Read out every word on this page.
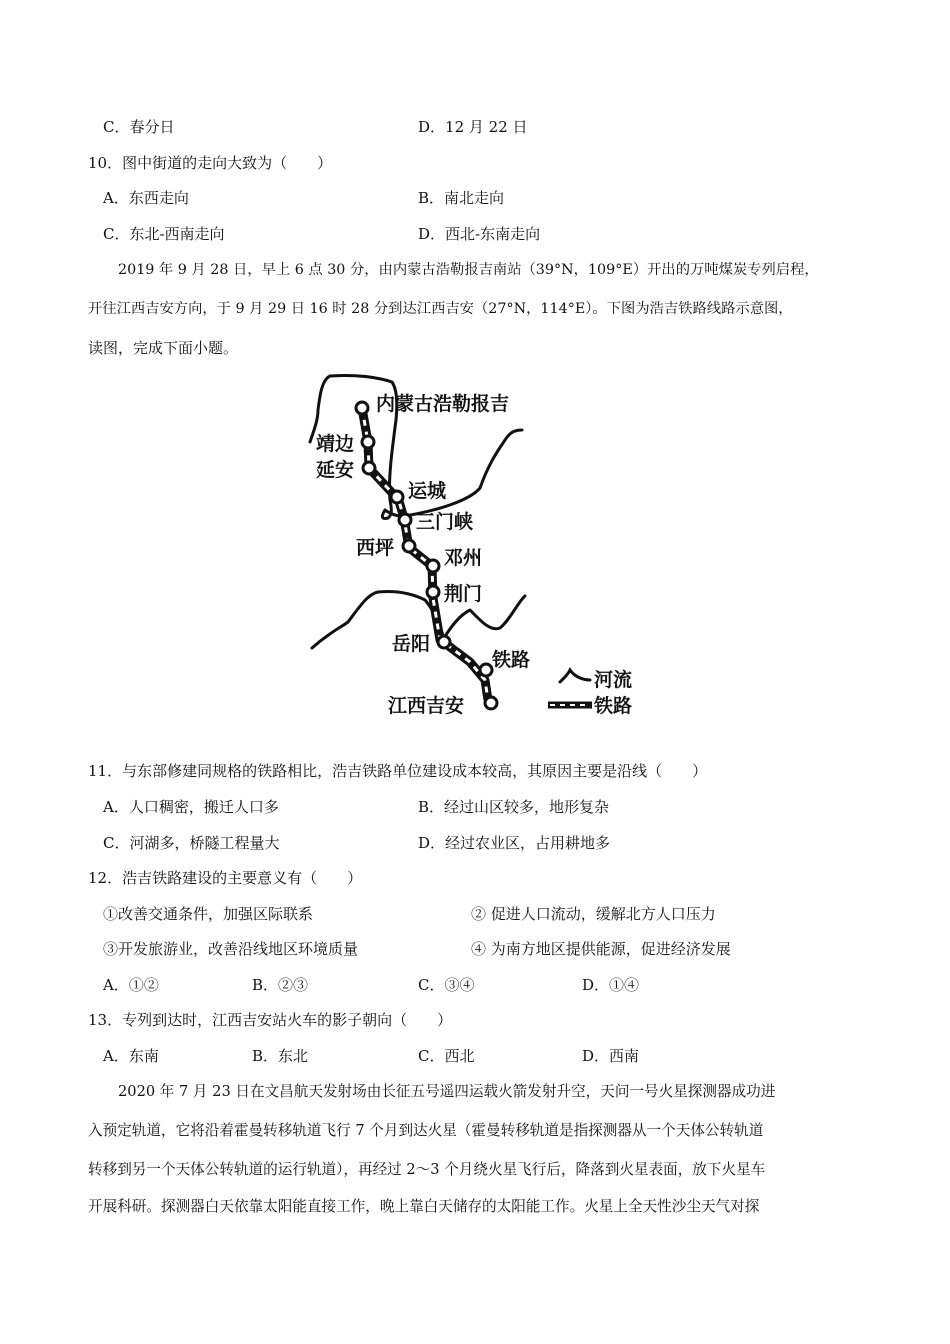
C．春分日	D．12 月 22 日
10．图中街道的走向大致为（　　）
A．东西走向	B．南北走向
C．东北-西南走向	D．西北-东南走向
2019 年 9 月 28 日，早上 6 点 30 分，由内蒙古浩勒报吉南站（39°N，109°E）开出的万吨煤炭专列启程，
开往江西吉安方向，于 9 月 29 日 16 时 28 分到达江西吉安（27°N，114°E）。下图为浩吉铁路线路示意图，
读图，完成下面小题。
内蒙古浩勒报吉
靖边
延安
运城
三门峡
西坪	邓州
荆门
岳阳
铁路
江西吉安
河流
铁路
11．与东部修建同规格的铁路相比，浩吉铁路单位建设成本较高，其原因主要是沿线（　　）
A．人口稠密，搬迁人口多	B．经过山区较多，地形复杂
C．河湖多，桥隧工程量大	D．经过农业区，占用耕地多
12．浩吉铁路建设的主要意义有（　　）
①改善交通条件，加强区际联系	② 促进人口流动，缓解北方人口压力
③开发旅游业，改善沿线地区环境质量	④ 为南方地区提供能源，促进经济发展
A．①②	B．②③	C．③④	D．①④
13．专列到达时，江西吉安站火车的影子朝向（　　）
A．东南	B．东北	C．西北	D．西南
2020 年 7 月 23 日在文昌航天发射场由长征五号遥四运载火箭发射升空，天问一号火星探测器成功进
入预定轨道，它将沿着霍曼转移轨道飞行 7 个月到达火星（霍曼转移轨道是指探测器从一个天体公转轨道
转移到另一个天体公转轨道的运行轨道），再经过 2～3 个月绕火星飞行后，降落到火星表面，放下火星车
开展科研。探测器白天依靠太阳能直接工作，晚上靠白天储存的太阳能工作。火星上全天性沙尘天气对探
